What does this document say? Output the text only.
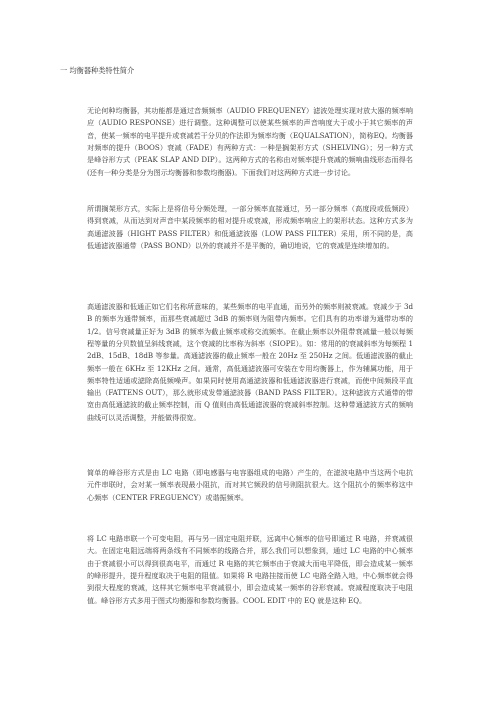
一 均衡器种类特性简介

无论何种均衡器，其功能都是通过音频频率（AUDIO FREQUENEY）滤波处理实现对放大器的频率响应（AUDIO RESPONSE）进行调整。这种调整可以使某些频率的声音响度大于或小于其它频率的声音，使某一频率的电平提升或衰减若干分贝的作法即为频率均衡（EQUALSATION），简称EQ。均衡器对频率的提升（BOOS）衰减（FADE）有两种方式：一种是搁架形方式（SHELVING）；另一种方式是峰谷形方式（PEAK SLAP AND DIP）。这两种方式的名称由对频率提升衰减的频响曲线形态而得名(还有一种分类是分为图示均衡器和参数均衡器)。下面我们对这两种方式进一步讨论。

所谓搁架形方式，实际上是将信号分频处理，一部分频率直接通过，另一部分频率（高度段或低频段）得到衰减，从而达到对声音中某段频率的相对提升或衰减，形成频率响应上的架形状态。这种方式多为高通滤波器（HIGHT PASS FILTER）和低通滤波器（LOW PASS FILTER）采用，所不同的是，高低通滤波器通带（PASS BOND）以外的衰减并不是平衡的，确切地说，它的衰减是连续增加的。

高通滤波器和低通正如它们名称所意味的，某些频率的电平直通，而另外的频率则被衰减。衰减少于 3dB 的频率为通带频率，而那些衰减超过 3dB 的频率则为阻带内频率。它们具有的功率谱为通带功率的 1/2。信号衰减量正好为 3dB 的频率为截止频率或称交流频率。在截止频率以外阻带衰减量一般以每频程等量的分贝数值呈斜线衰减，这个衰减的比率称为斜率（SIOPE）。如：常用的的衰减斜率为每频程 12dB、15dB、18dB 等参量。高通滤波器的截止频率一般在 20Hz 至 250Hz 之间。低通滤波器的截止频率一般在 6KHz 至 12KHz 之间。通常，高低通滤波器可安装在专用均衡器上，作为辅属功能，用于频率特性适通或滤除高低频噪声。如果同时使用高通滤波器和低通滤波器进行衰减，而使中间频段平直输出（FATTENS OUT），那么就形成发带通滤波器（BAND PASS FILTER）。这种滤波方式通带的带宽由高低通滤波的截止频率控制，而 Q 值则由高低通滤波器的衰减斜率控制。这种带通滤波方式的频响曲线可以灵活调整，并能做得很宽。

简单的峰谷形方式是由 LC 电路（即电感器与电容器组成的电路）产生的，在滤波电路中当这两个电抗元件串联时，会对某一频率表现最小阻抗，而对其它频段的信号则阻抗很大。这个阻抗小的频率称这中心频率（CENTER FREGUENCY）或谐振频率。

将 LC 电路串联一个可变电阻，再与另一固定电阻并联，远离中心频率的信号即通过 R 电路，并衰减很大。在固定电阻远端将两条线有不同频率的线路合并，那么我们可以想象到，通过 LC 电路的中心频率由于衰减很小可以得到很高电平，而通过 R 电路的其它频率由于衰减大而电平降低，即会造成某一频率的峰形提升，提升程度取决于电阻的阻值。如果将 R 电路挂接而使 LC 电路全路入地，中心频率就会得到很大程度的衰减，这样其它频率电平衰减很小，即会造成某一频率的谷形衰减。衰减程度取决于电阻值。峰谷形方式多用于图式均衡器和参数均衡器。COOL EDIT 中的 EQ 就是这种 EQ。
